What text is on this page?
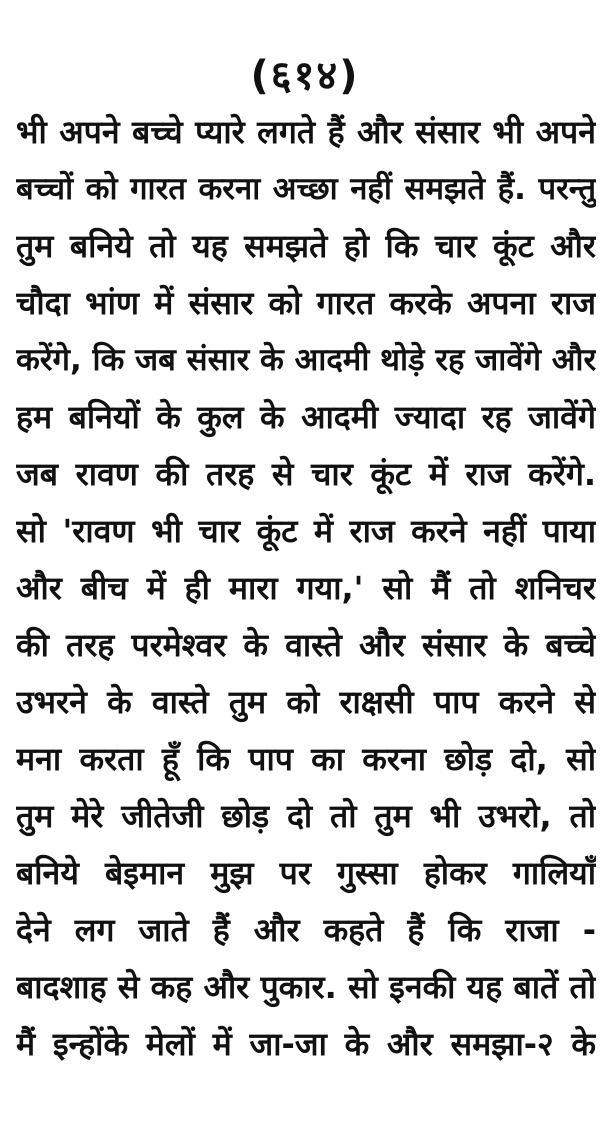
(६१४)
भी अपने बच्चे प्यारे लगते हैं और संसार भी अपने
बच्चों को गारत करना अच्छा नहीं समझते हैं. परन्तु
तुम बनिये तो यह समझते हो कि चार कूंट और
चौदा भांण में संसार को गारत करके अपना राज
करेंगे, कि जब संसार के आदमी थोड़े रह जावेंगे और
हम बनियों के कुल के आदमी ज्यादा रह जावेंगे
जब रावण की तरह से चार कूंट में राज करेंगे.
सो 'रावण भी चार कूंट में राज करने नहीं पाया
और बीच में ही मारा गया,' सो मैं तो शनिचर
की तरह परमेश्वर के वास्ते और संसार के बच्चे
उभरने के वास्ते तुम को राक्षसी पाप करने से
मना करता हूँ कि पाप का करना छोड़ दो, सो
तुम मेरे जीतेजी छोड़ दो तो तुम भी उभरो, तो
बनिये बेइमान मुझ पर गुस्सा होकर गालियाँ
देने लग जाते हैं और कहते हैं कि राजा -
बादशाह से कह और पुकार. सो इनकी यह बातें तो
मैं इन्होंके मेलों में जा-जा के और समझा-२ के
